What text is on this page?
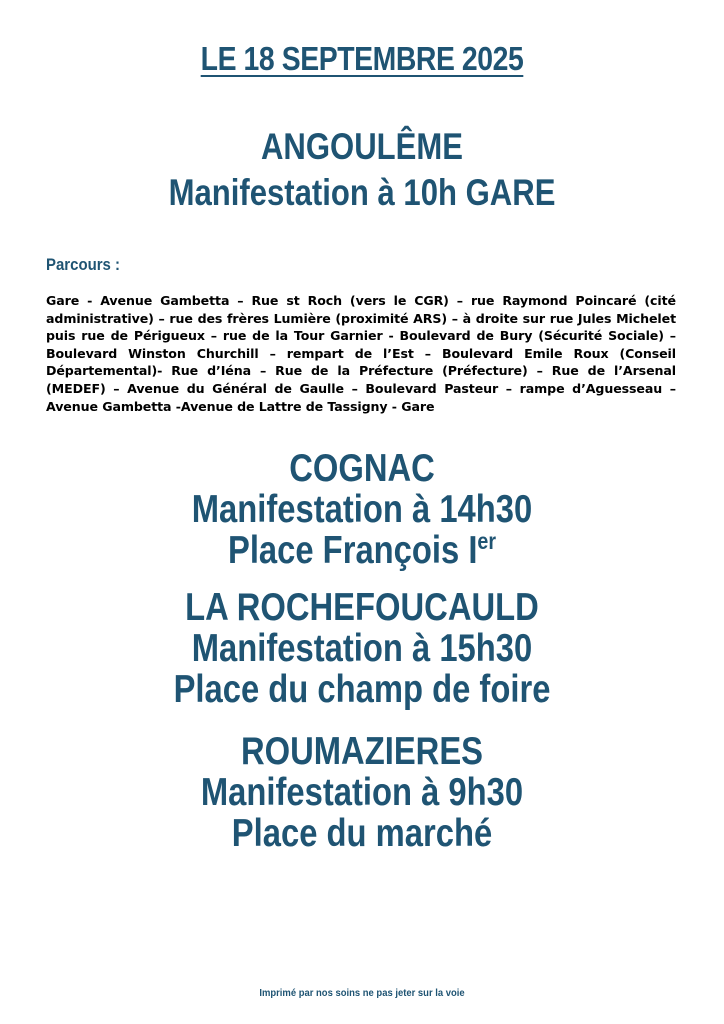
LE 18 SEPTEMBRE 2025
ANGOULÊME
Manifestation à 10h GARE
Parcours :
Gare - Avenue Gambetta – Rue st Roch (vers le CGR) – rue Raymond Poincaré (cité administrative) – rue des frères Lumière (proximité ARS) – à droite sur rue Jules Michelet puis rue de Périgueux – rue de la Tour Garnier - Boulevard de Bury (Sécurité Sociale) – Boulevard Winston Churchill – rempart de l’Est – Boulevard Emile Roux (Conseil Départemental)- Rue d’Iéna – Rue de la Préfecture (Préfecture) – Rue de l’Arsenal (MEDEF) – Avenue du Général de Gaulle – Boulevard Pasteur – rampe d’Aguesseau – Avenue Gambetta -Avenue de Lattre de Tassigny - Gare
COGNAC
Manifestation à 14h30
Place François Ier
LA ROCHEFOUCAULD
Manifestation à 15h30
Place du champ de foire
ROUMAZIERES
Manifestation à 9h30
Place du marché
Imprimé par nos soins ne pas jeter sur la voie
